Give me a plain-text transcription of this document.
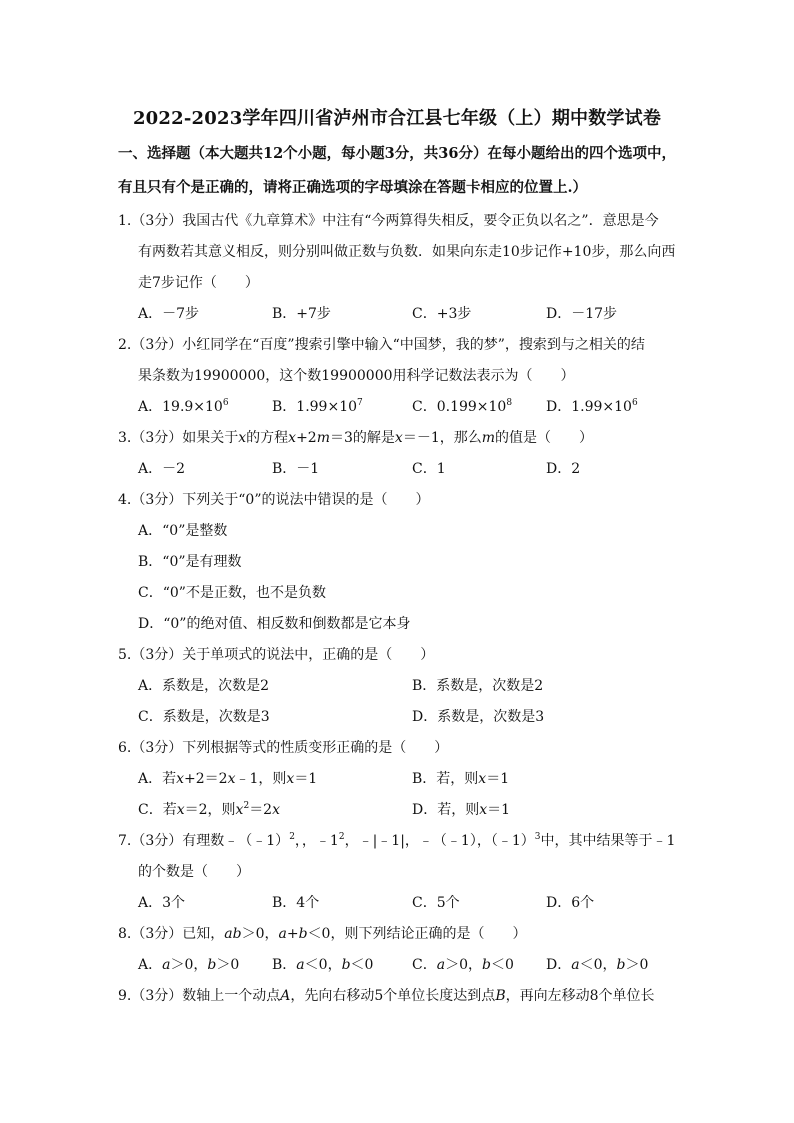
2022-2023学年四川省泸州市合江县七年级（上）期中数学试卷
一、选择题（本大题共12个小题，每小题3分，共36分）在每小题给出的四个选项中，
有且只有个是正确的，请将正确选项的字母填涂在答题卡相应的位置上.）
1.（3分）我国古代《九章算术》中注有“今两算得失相反，要令正负以名之”．意思是今
有两数若其意义相反，则分别叫做正数与负数．如果向东走10步记作+10步，那么向西
走7步记作（　　）
A．－7步	B．+7步	C．+3步	D．－17步
2.（3分）小红同学在“百度”搜索引擎中输入“中国梦，我的梦”，搜索到与之相关的结
果条数为19900000，这个数19900000用科学记数法表示为（　　）
A．$19.9\times 10^6$	B．$1.99\times 10^7$	C．$0.199\times 10^8$ D．$1.99\times 10^6$
3.（3分）如果关于x的方程x+2m＝3的解是x＝－1，那么m的值是（　　）
A．－2	B．－1	C．1	D．2
4.（3分）下列关于“0”的说法中错误的是（　　）
A．“0”是整数
B．“0”是有理数
C．“0”不是正数，也不是负数
D．“0”的绝对值、相反数和倒数都是它本身
5.（3分）关于单项式的说法中，正确的是（　　）
A．系数是，次数是2	B．系数是，次数是2
C．系数是，次数是3	D．系数是，次数是3
6.（3分）下列根据等式的性质变形正确的是（　　）
A．若x+2＝2x﹣1，则x＝1	B．若，则x＝1
C．若x＝2，则$x^2=2x$	D．若，则x＝1
7.（3分）有理数﹣（﹣1）$^2$，，$﹣1^2$，﹣|﹣1|，﹣（﹣1），（﹣1）$^3$中，其中结果等于﹣1
的个数是（　　）
A．3个	B．4个	C．5个	D．6个
8.（3分）已知，ab＞0，a+b＜0，则下列结论正确的是（　　）
A．a＞0，b＞0 B．a＜0，b＜0	C．a＞0，b＜0 D．a＜0，b＞0
9.（3分）数轴上一个动点A，先向右移动5个单位长度达到点B，再向左移动8个单位长
